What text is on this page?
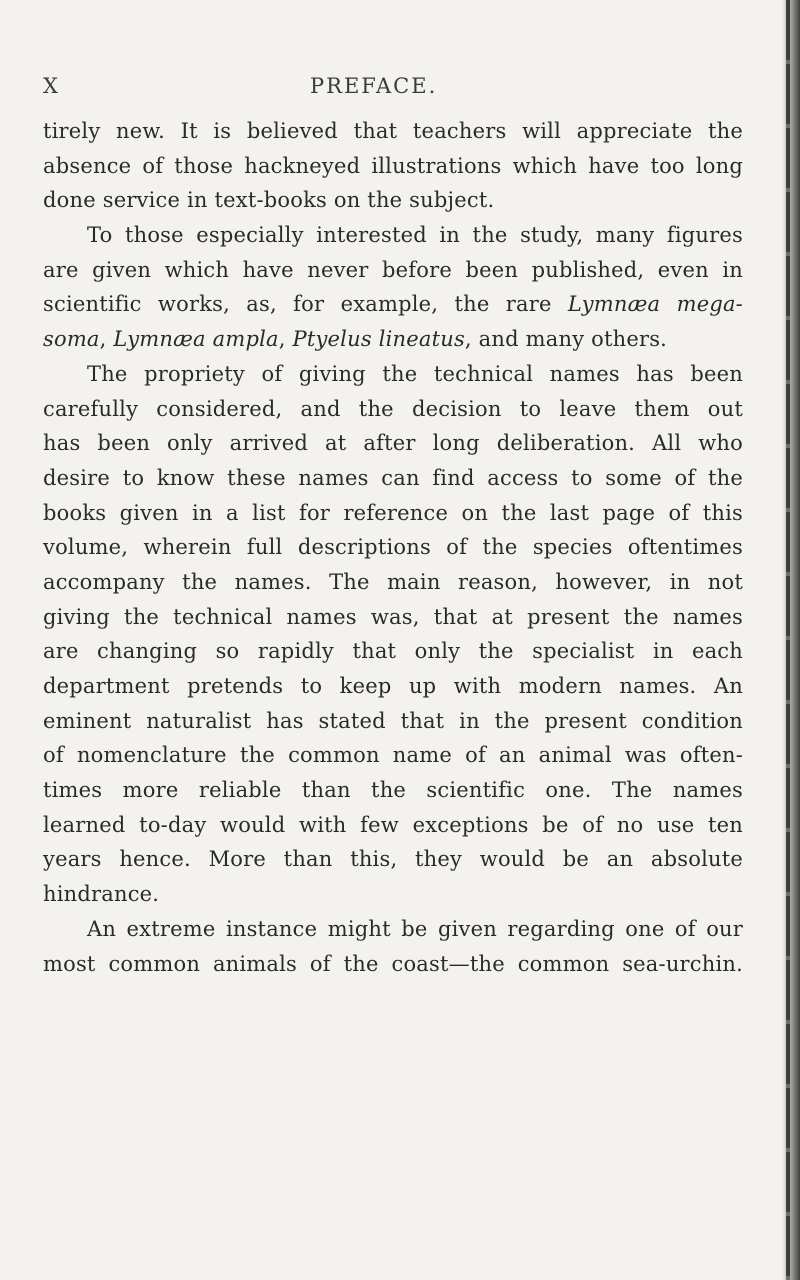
X	PREFACE.
tirely new. It is believed that teachers will appreciate the
absence of those hackneyed illustrations which have too long
done service in text-books on the subject.
To those especially interested in the study, many figures
are given which have never before been published, even in
scientific works, as, for example, the rare Lymnæa mega-
soma, Lymnæa ampla, Ptyelus lineatus, and many others.
The propriety of giving the technical names has been
carefully considered, and the decision to leave them out
has been only arrived at after long deliberation. All who
desire to know these names can find access to some of the
books given in a list for reference on the last page of this
volume, wherein full descriptions of the species oftentimes
accompany the names. The main reason, however, in not
giving the technical names was, that at present the names
are changing so rapidly that only the specialist in each
department pretends to keep up with modern names. An
eminent naturalist has stated that in the present condition
of nomenclature the common name of an animal was often-
times more reliable than the scientific one. The names
learned to-day would with few exceptions be of no use ten
years hence. More than this, they would be an absolute
hindrance.
An extreme instance might be given regarding one of our
most common animals of the coast—the common sea-urchin.
